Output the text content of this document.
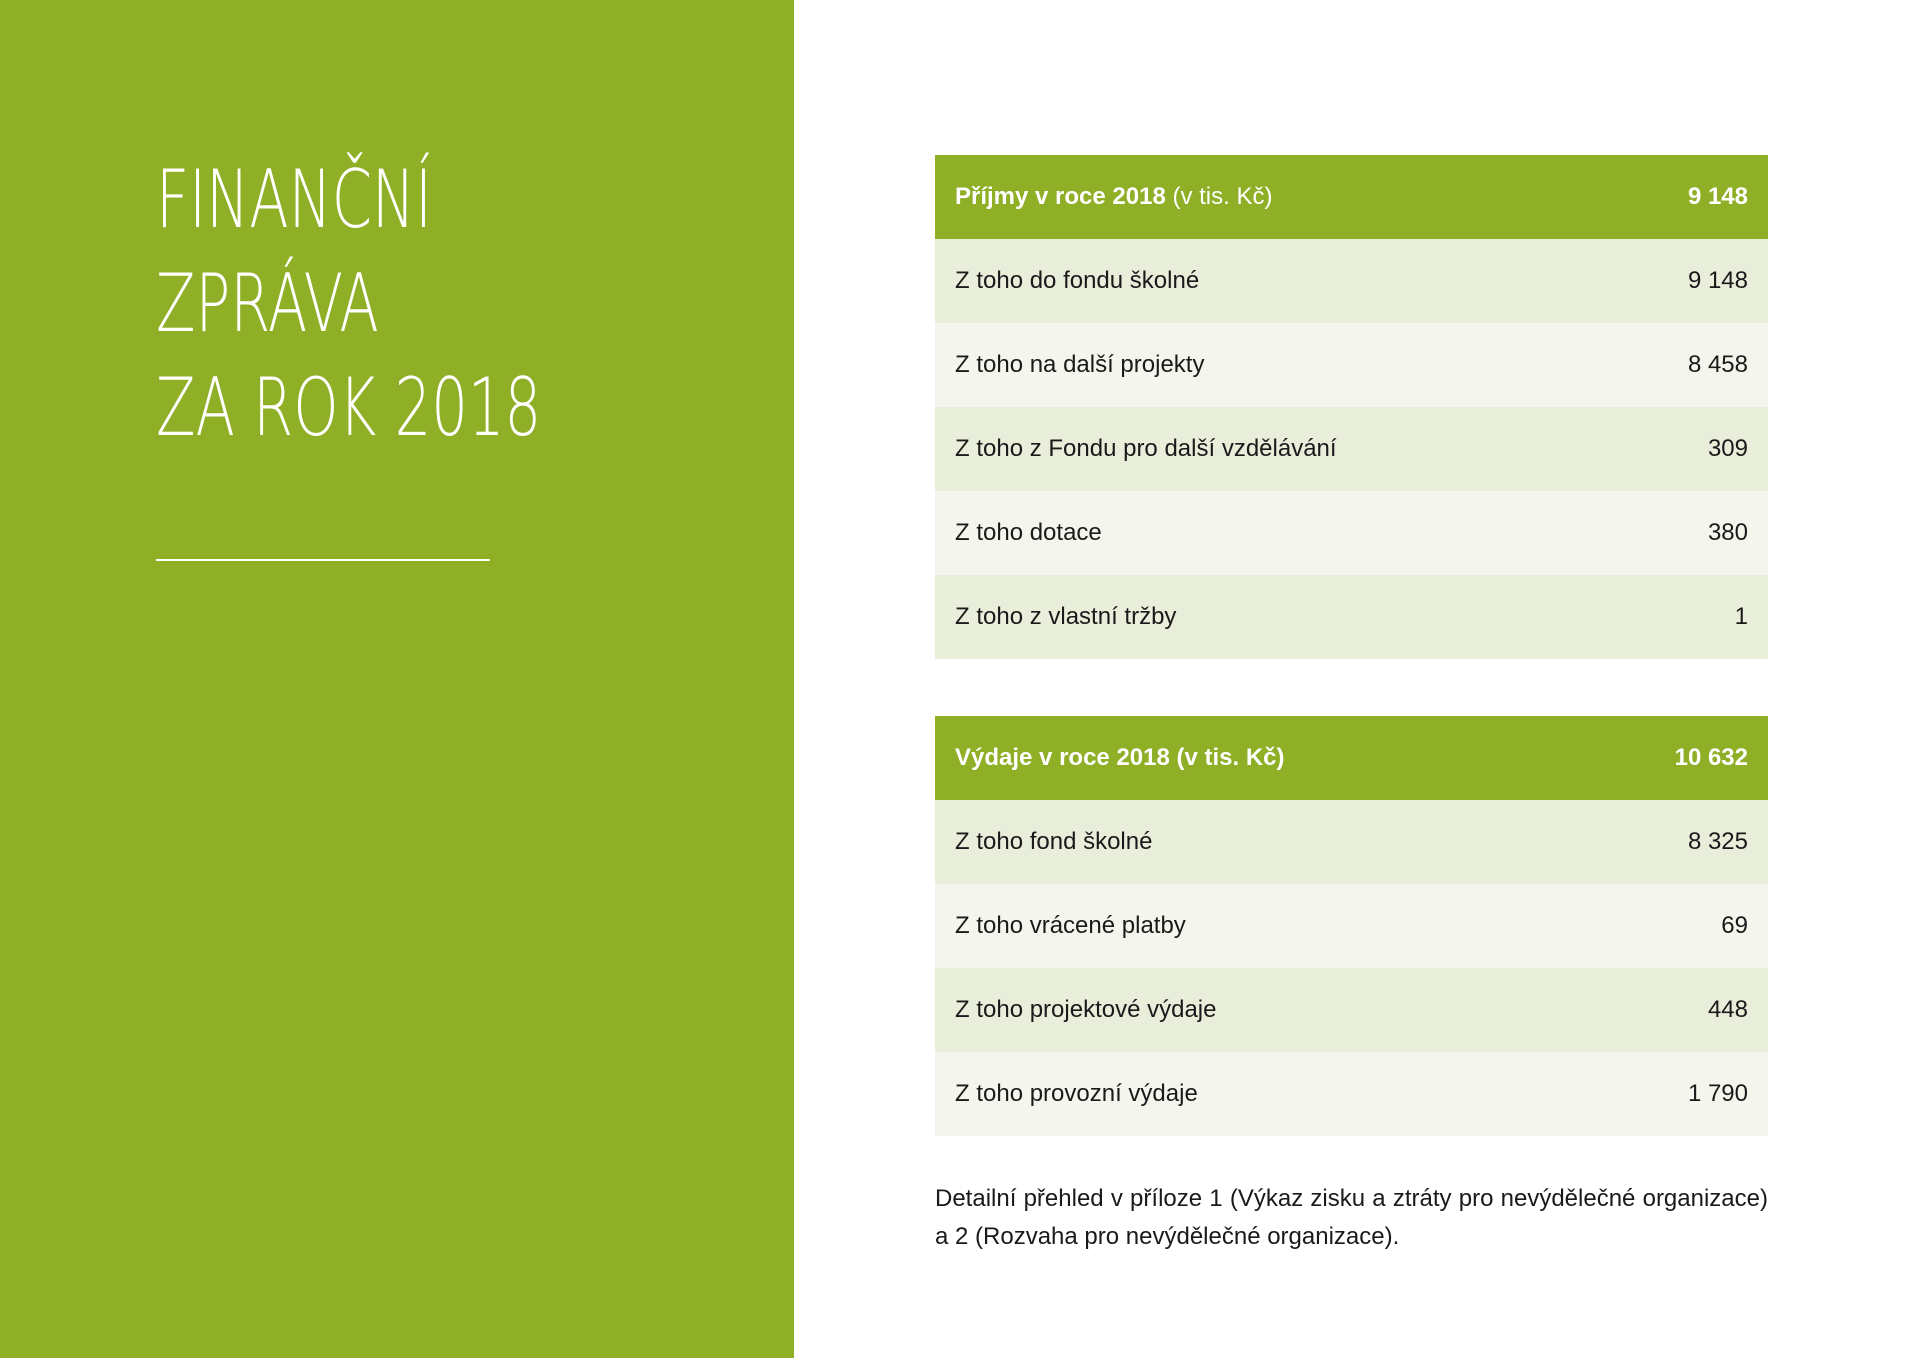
FINANČNÍ
ZPRÁVA
ZA ROK 2018
Příjmy v roce 2018 (v tis. Kč)	9 148
Z toho do fondu školné	9 148
Z toho na další projekty	8 458
Z toho z Fondu pro další vzdělávání	309
Z toho dotace	380
Z toho z vlastní tržby	1
Výdaje v roce 2018 (v tis. Kč)	10 632
Z toho fond školné	8 325
Z toho vrácené platby	69
Z toho projektové výdaje	448
Z toho provozní výdaje	1 790

Detailní přehled v příloze 1 (Výkaz zisku a ztráty pro nevýdělečné organizace) a 2 (Rozvaha pro nevýdělečné organizace).
